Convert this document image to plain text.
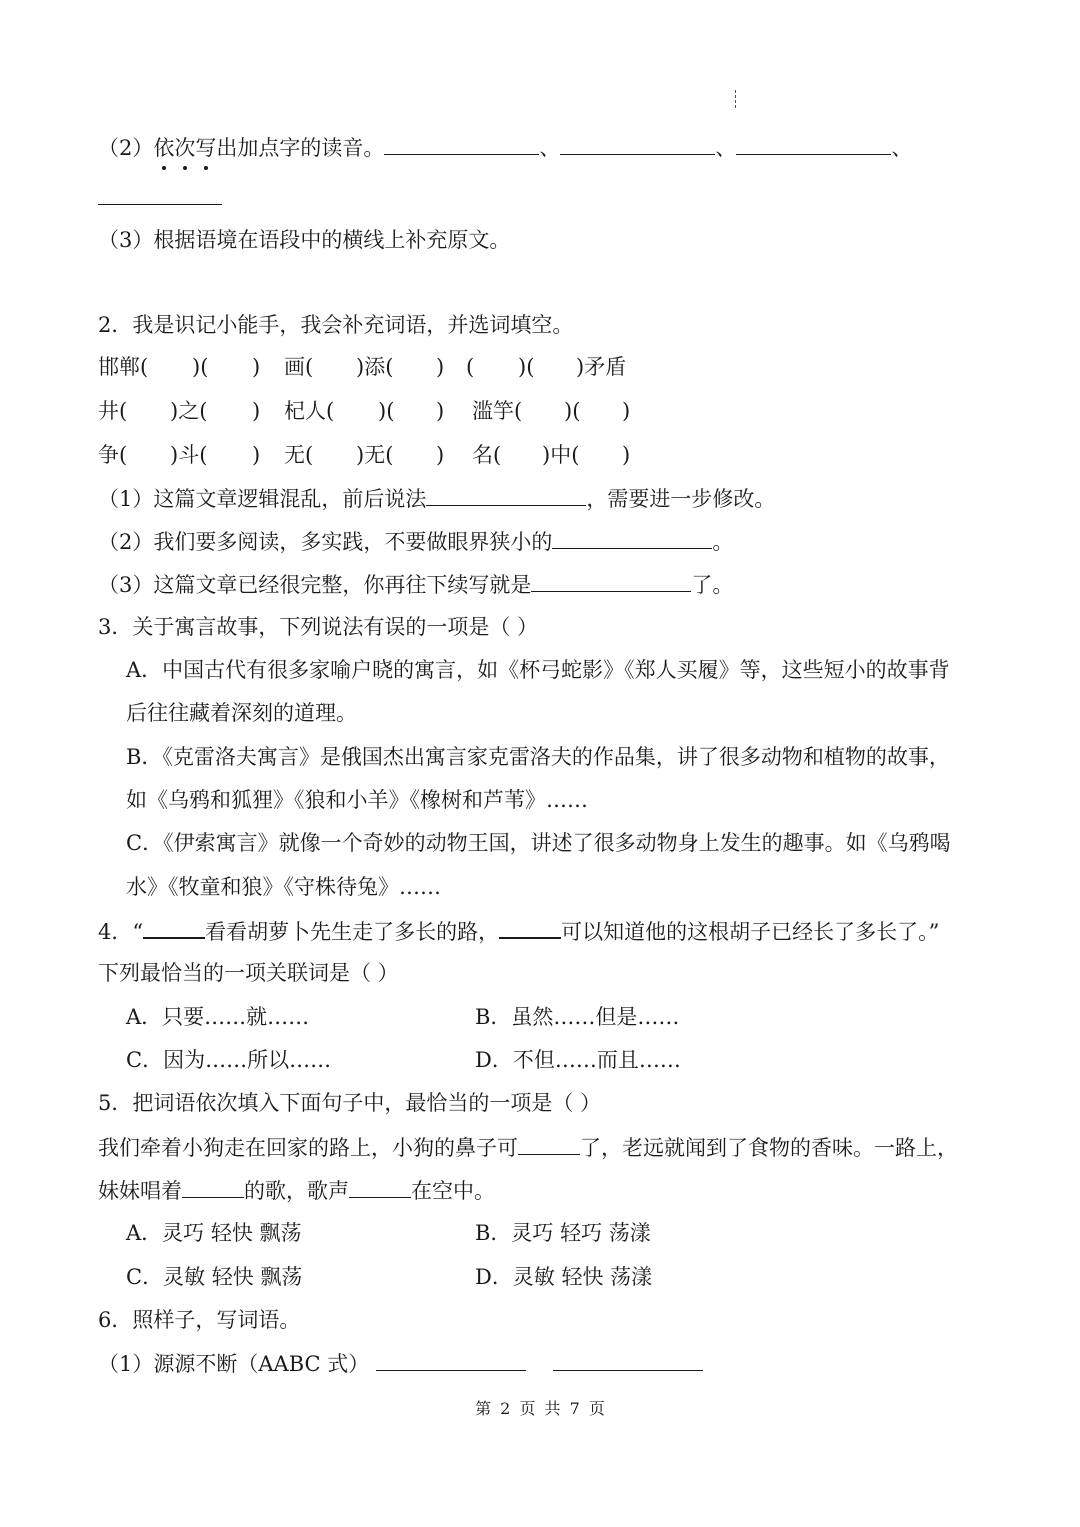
（2）依次写出加点字的读音。	、	、	、
（3）根据语境在语段中的横线上补充原文。
2．我是识记小能手，我会补充词语，并选词填空。
邯郸( )( ) 画( )添( ) ( )( )矛盾
井( )之( ) 杞人( )( ) 滥竽( )( )
争( )斗( ) 无( )无( ) 名( )中( )
（1）这篇文章逻辑混乱，前后说法	，需要进一步修改。
（2）我们要多阅读，多实践，不要做眼界狭小的	。
（3）这篇文章已经很完整，你再往下续写就是	了。
3．关于寓言故事，下列说法有误的一项是（ ）
A．中国古代有很多家喻户晓的寓言，如《杯弓蛇影》《郑人买履》等，这些短小的故事背
后往往藏着深刻的道理。
B．《克雷洛夫寓言》是俄国杰出寓言家克雷洛夫的作品集，讲了很多动物和植物的故事，
如《乌鸦和狐狸》《狼和小羊》《橡树和芦苇》……
C．《伊索寓言》就像一个奇妙的动物王国，讲述了很多动物身上发生的趣事。如《乌鸦喝
水》《牧童和狼》《守株待兔》……
4．“	看看胡萝卜先生走了多长的路，	可以知道他的这根胡子已经长了多长了。”
下列最恰当的一项关联词是（ ）
A．只要……就……	B．虽然……但是……
C．因为……所以……	D．不但……而且……
5．把词语依次填入下面句子中，最恰当的一项是（ ）
我们牵着小狗走在回家的路上，小狗的鼻子可	了，老远就闻到了食物的香味。一路上，
妹妹唱着	的歌，歌声	在空中。
A．灵巧 轻快 飘荡	B．灵巧 轻巧 荡漾
C．灵敏 轻快 飘荡	D．灵敏 轻快 荡漾
6．照样子，写词语。
（1）源源不断（AABC 式）
第 2 页 共 7 页
